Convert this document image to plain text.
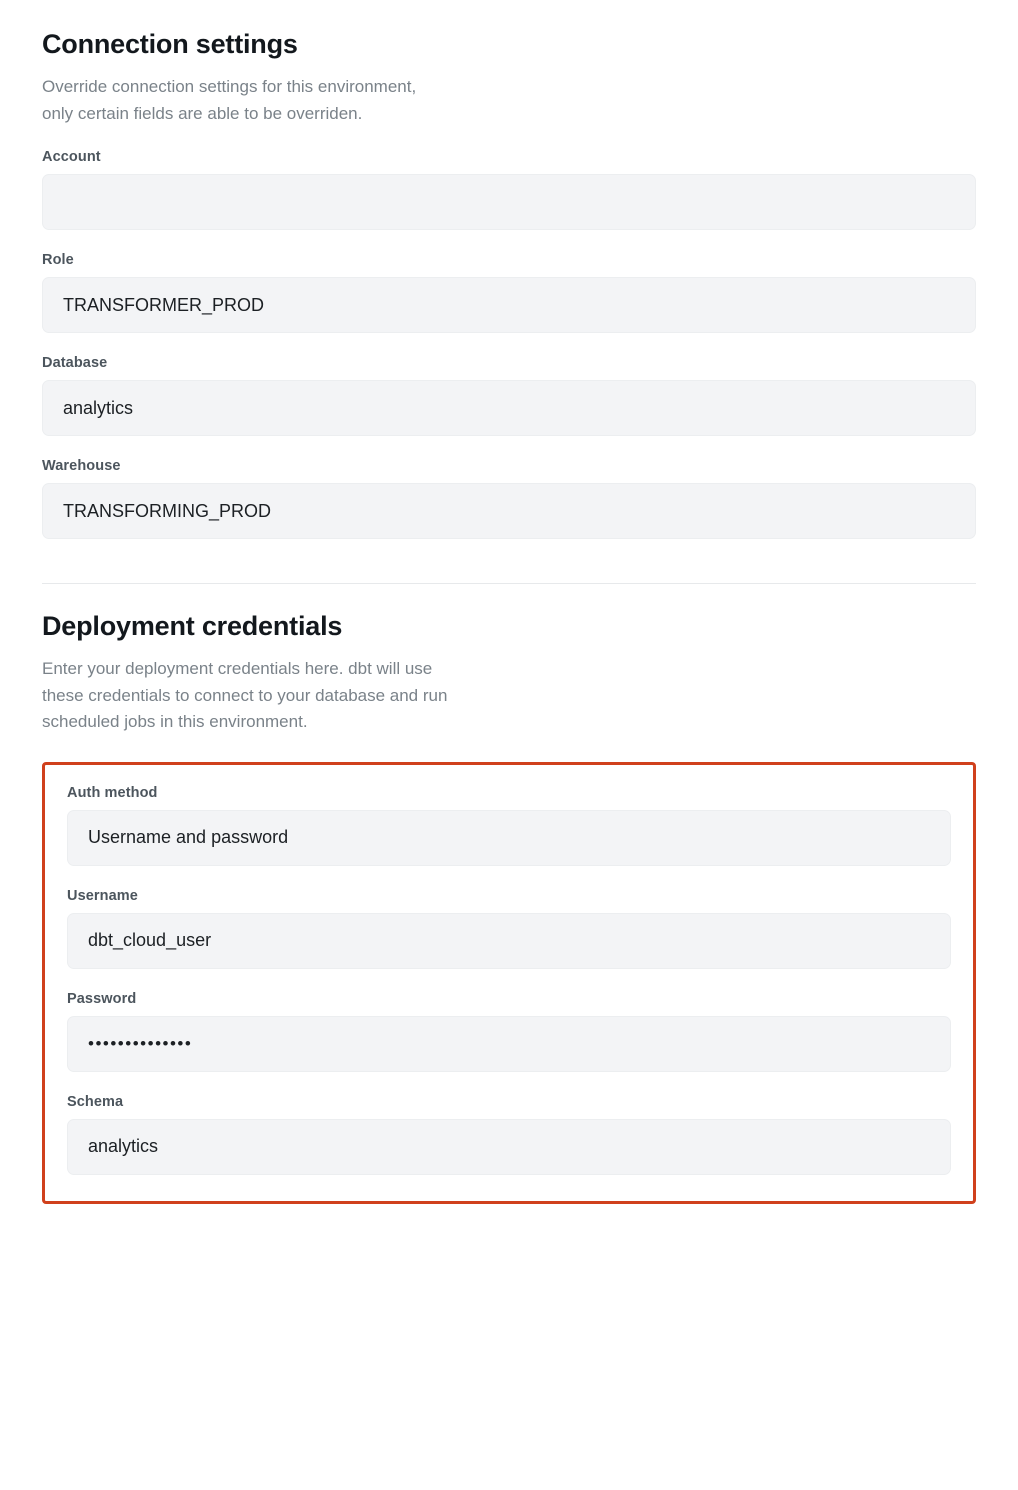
Connection settings

Override connection settings for this environment,
only certain fields are able to be overriden.

Account
Role
TRANSFORMER_PROD
Database
analytics
Warehouse
TRANSFORMING_PROD
Deployment credentials

Enter your deployment credentials here. dbt will use
these credentials to connect to your database and run
scheduled jobs in this environment.

Auth method
Username and password
Username
dbt_cloud_user
Password
••••••••••••••
Schema
analytics
